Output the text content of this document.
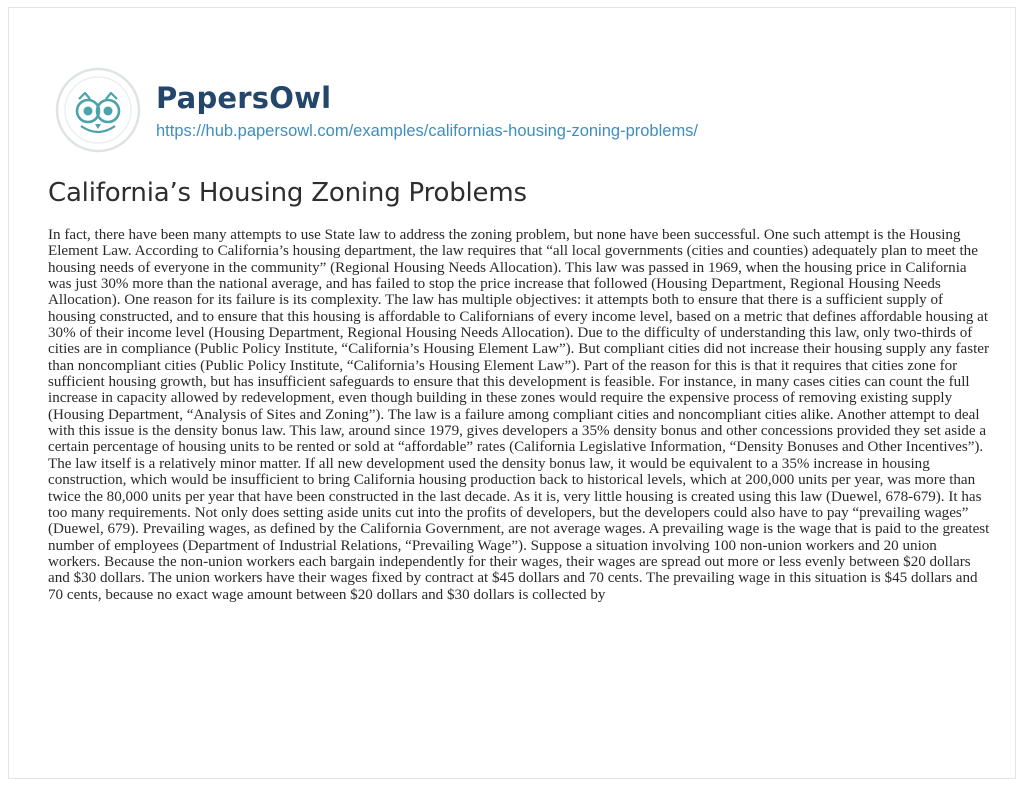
PapersOwl
https://hub.papersowl.com/examples/californias-housing-zoning-problems/
California’s Housing Zoning Problems

In fact, there have been many attempts to use State law to address the zoning problem, but none have been successful. One such attempt is the Housing Element Law. According to California’s housing department, the law requires that “all local governments (cities and counties) adequately plan to meet the housing needs of everyone in the community” (Regional Housing Needs Allocation). This law was passed in 1969, when the housing price in California was just 30% more than the national average, and has failed to stop the price increase that followed (Housing Department, Regional Housing Needs Allocation). One reason for its failure is its complexity. The law has multiple objectives: it attempts both to ensure that there is a sufficient supply of housing constructed, and to ensure that this housing is affordable to Californians of every income level, based on a metric that defines affordable housing at 30% of their income level (Housing Department, Regional Housing Needs Allocation). Due to the difficulty of understanding this law, only two-thirds of cities are in compliance (Public Policy Institute, “California’s Housing Element Law”). But compliant cities did not increase their housing supply any faster than noncompliant cities (Public Policy Institute, “California’s Housing Element Law”). Part of the reason for this is that it requires that cities zone for sufficient housing growth, but has insufficient safeguards to ensure that this development is feasible. For instance, in many cases cities can count the full increase in capacity allowed by redevelopment, even though building in these zones would require the expensive process of removing existing supply (Housing Department, “Analysis of Sites and Zoning”). The law is a failure among compliant cities and noncompliant cities alike. Another attempt to deal with this issue is the density bonus law. This law, around since 1979, gives developers a 35% density bonus and other concessions provided they set aside a certain percentage of housing units to be rented or sold at “affordable” rates (California Legislative Information, “Density Bonuses and Other Incentives”). The law itself is a relatively minor matter. If all new development used the density bonus law, it would be equivalent to a 35% increase in housing construction, which would be insufficient to bring California housing production back to historical levels, which at 200,000 units per year, was more than twice the 80,000 units per year that have been constructed in the last decade. As it is, very little housing is created using this law (Duewel, 678-679). It has too many requirements. Not only does setting aside units cut into the profits of developers, but the developers could also have to pay “prevailing wages” (Duewel, 679). Prevailing wages, as defined by the California Government, are not average wages. A prevailing wage is the wage that is paid to the greatest number of employees (Department of Industrial Relations, “Prevailing Wage”). Suppose a situation involving 100 non-union workers and 20 union workers. Because the non-union workers each bargain independently for their wages, their wages are spread out more or less evenly between $20 dollars and $30 dollars. The union workers have their wages fixed by contract at $45 dollars and 70 cents. The prevailing wage in this situation is $45 dollars and 70 cents, because no exact wage amount between $20 dollars and $30 dollars is collected by
